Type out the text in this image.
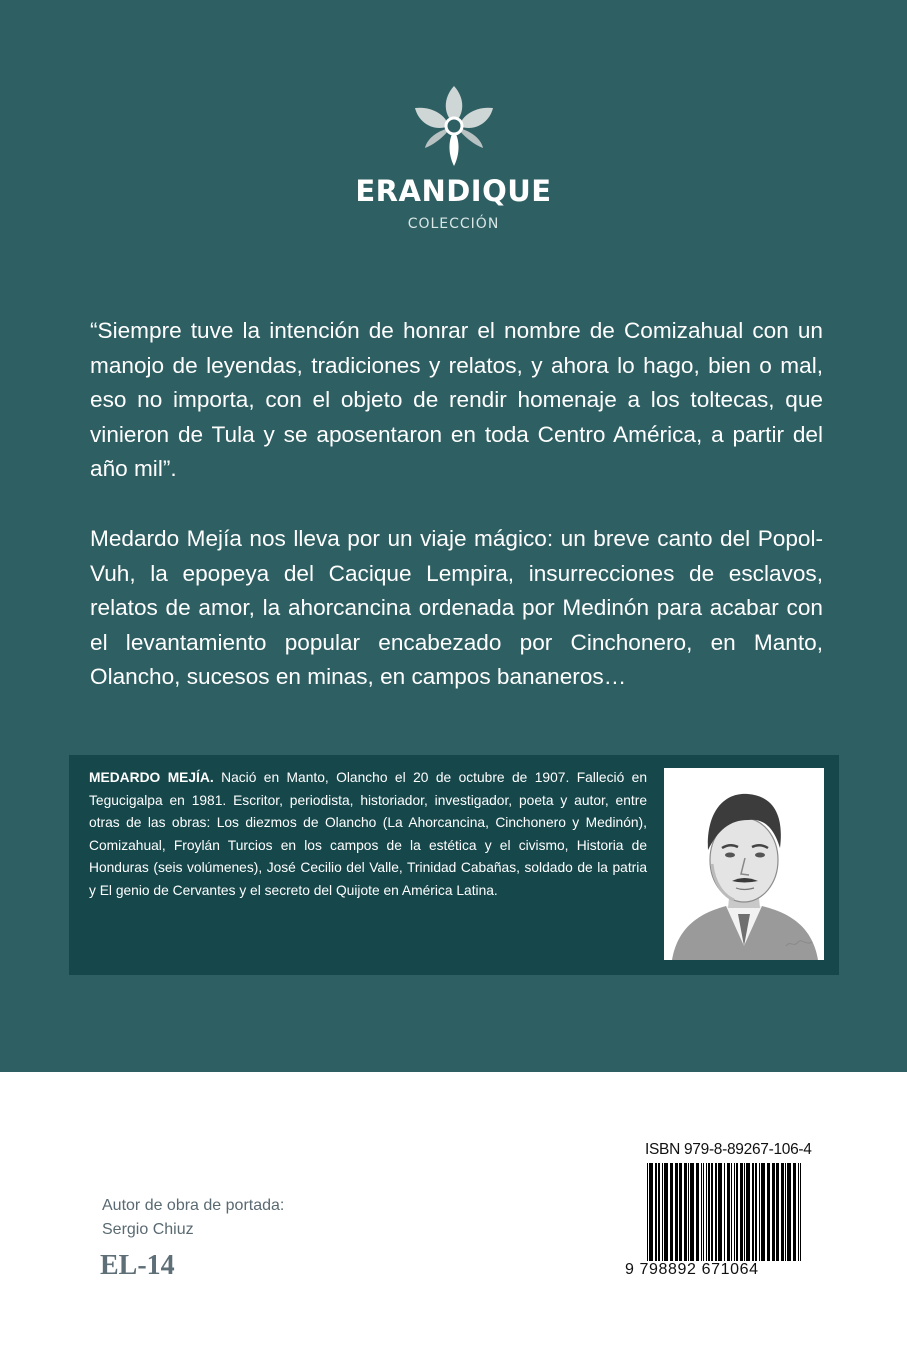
ERANDIQUE
COLECCIÓN

“Siempre tuve la intención de honrar el nombre de Comizahual con un manojo de leyendas, tradiciones y relatos, y ahora lo hago, bien o mal, eso no importa, con el objeto de rendir homenaje a los toltecas, que vinieron de Tula y se aposentaron en toda Centro América, a partir del año mil”.

Medardo Mejía nos lleva por un viaje mágico: un breve canto del Popol-Vuh, la epopeya del Cacique Lempira, insurrecciones de esclavos, relatos de amor, la ahorcancina ordenada por Medinón para acabar con el levantamiento popular encabezado por Cinchonero, en Manto, Olancho, sucesos en minas, en campos bananeros…

MEDARDO MEJÍA. Nació en Manto, Olancho el 20 de octubre de 1907. Falleció en Tegucigalpa en 1981. Escritor, periodista, historiador, investigador, poeta y autor, entre otras de las obras: Los diezmos de Olancho (La Ahorcancina, Cinchonero y Medinón), Comizahual, Froylán Turcios en los campos de la estética y el civismo, Historia de Honduras (seis volúmenes), José Cecilio del Valle, Trinidad Cabañas, soldado de la patria y El genio de Cervantes y el secreto del Quijote en América Latina.

Autor de obra de portada:
Sergio Chiuz
EL-14
ISBN 979-8-89267-106-4
9 798892 671064
